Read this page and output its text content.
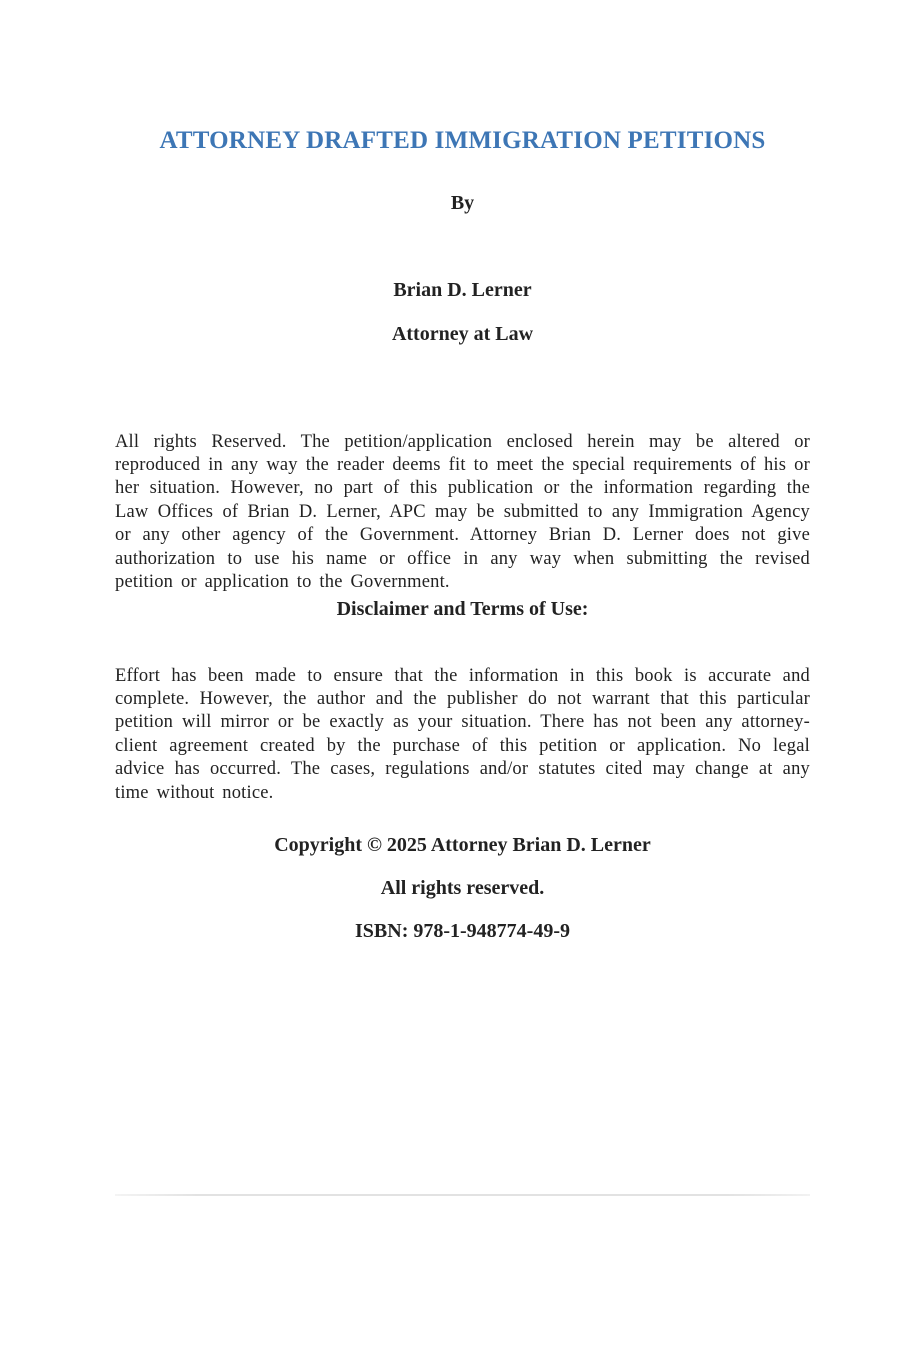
ATTORNEY DRAFTED IMMIGRATION PETITIONS
By
Brian D. Lerner
Attorney at Law

All rights Reserved. The petition/application enclosed herein may be altered or reproduced in any way the reader deems fit to meet the special requirements of his or her situation. However, no part of this publication or the information regarding the Law Offices of Brian D. Lerner, APC may be submitted to any Immigration Agency or any other agency of the Government. Attorney Brian D. Lerner does not give authorization to use his name or office in any way when submitting the revised petition or application to the Government.

Disclaimer and Terms of Use:

Effort has been made to ensure that the information in this book is accurate and complete. However, the author and the publisher do not warrant that this particular petition will mirror or be exactly as your situation. There has not been any attorney-client agreement created by the purchase of this petition or application. No legal advice has occurred. The cases, regulations and/or statutes cited may change at any time without notice.

Copyright © 2025 Attorney Brian D. Lerner
All rights reserved.
ISBN: 978-1-948774-49-9
